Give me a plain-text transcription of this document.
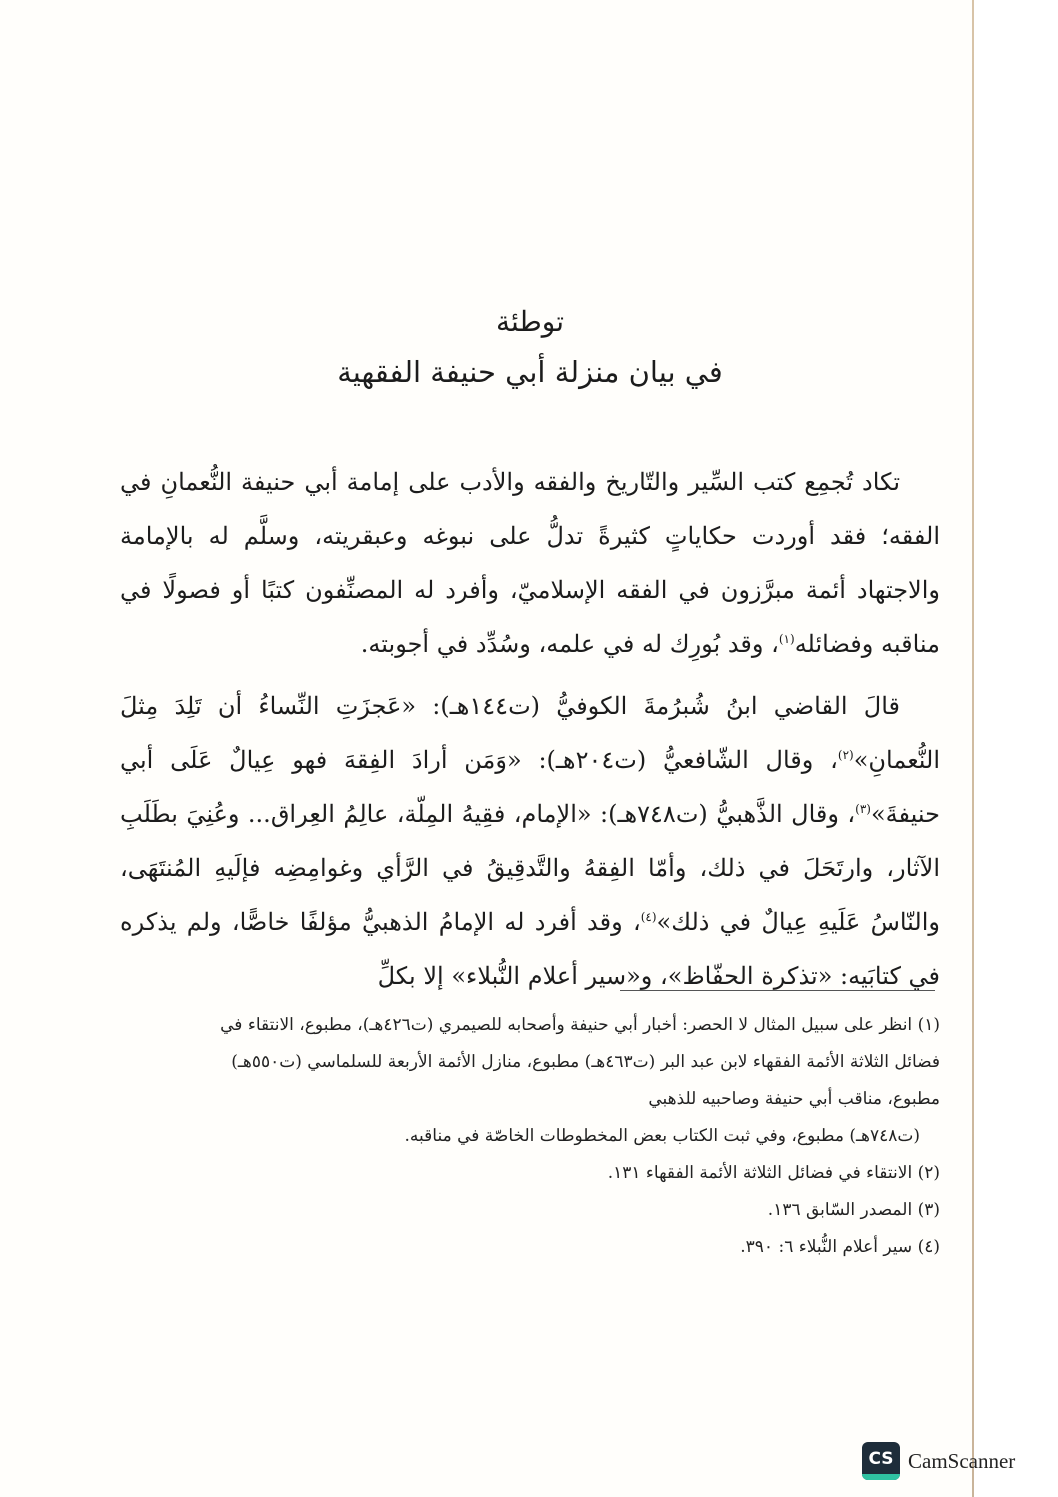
توطئة
في بيان منزلة أبي حنيفة الفقهية

تكاد تُجمِع كتب السِّير والتّاريخ والفقه والأدب على إمامة أبي حنيفة النُّعمانِ في الفقه؛ فقد أوردت حكاياتٍ كثيرةً تدلُّ على نبوغه وعبقريته، وسلَّم له بالإمامة والاجتهاد أئمة مبرَّزون في الفقه الإسلاميّ، وأفرد له المصنِّفون كتبًا أو فصولًا في مناقبه وفضائله$^{(١)}$، وقد بُورِك له في علمه، وسُدِّد في أجوبته.

قالَ القاضي ابنُ شُبرُمةَ الكوفيُّ (ت١٤٤هـ): «عَجزَتِ النِّساءُ أن تَلِدَ مِثلَ النُّعمانِ»$^{(٢)}$، وقال الشّافعيُّ (ت٢٠٤هـ): «وَمَن أرادَ الفِقهَ فهو عِيالٌ عَلَى أبي حنيفةَ»$^{(٣)}$، وقال الذَّهبيُّ (ت٧٤٨هـ): «الإمام، فقِيهُ المِلّة، عالِمُ العِراق... وعُنِيَ بطَلَبِ الآثار، وارتَحَلَ في ذلك، وأمّا الفِقهُ والتَّدقِيقُ في الرَّأي وغوامِضِه فإلَيهِ المُنتَهَى، والنّاسُ عَلَيهِ عِيالٌ في ذلك»$^{(٤)}$، وقد أفرد له الإمامُ الذهبيُّ مؤلفًا خاصًّا، ولم يذكره في كتابَيه: «تذكرة الحفّاظ»، و«سير أعلام النُّبلاء» إلا بكلِّ

(١) انظر على سبيل المثال لا الحصر: أخبار أبي حنيفة وأصحابه للصيمري (ت٤٢٦هـ)، مطبوع، الانتقاء في فضائل الثلاثة الأئمة الفقهاء لابن عبد البر (ت٤٦٣هـ) مطبوع، منازل الأئمة الأربعة للسلماسي (ت٥٥٠هـ) مطبوع، مناقب أبي حنيفة وصاحبيه للذهبي

(ت٧٤٨هـ) مطبوع، وفي ثبت الكتاب بعض المخطوطات الخاصّة في مناقبه.

(٢) الانتقاء في فضائل الثلاثة الأئمة الفقهاء ١٣١.

(٣) المصدر السّابق ١٣٦.

(٤) سير أعلام النُّبلاء ٦: ٣٩٠.

CS CamScanner
